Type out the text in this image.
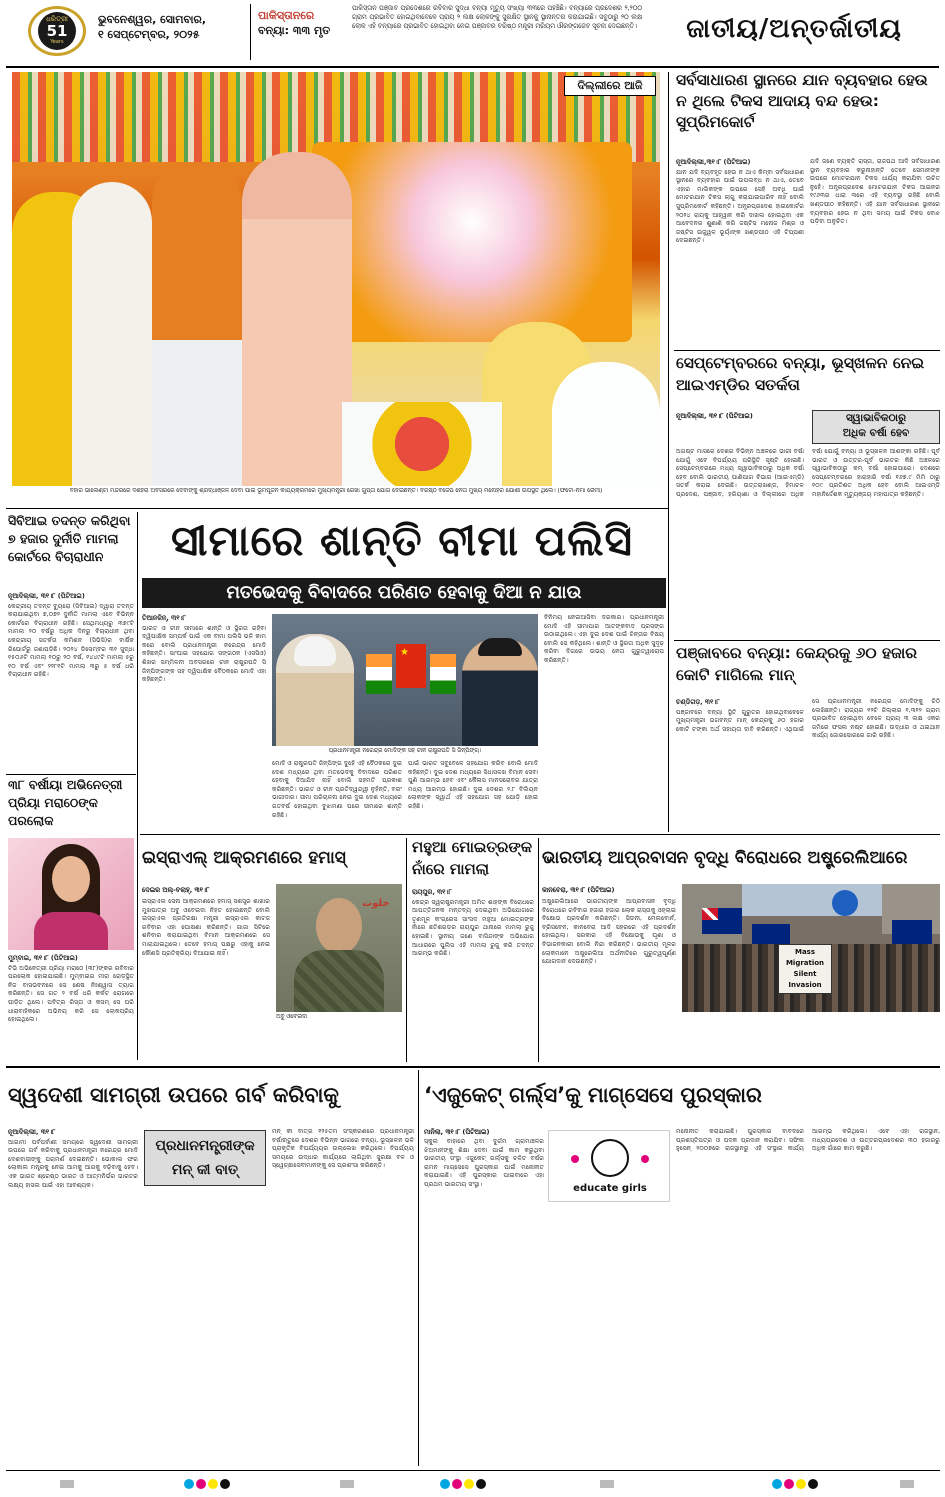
ଧରିତ୍ରୀ
51
Years
ଭୁବନେଶ୍ୱର, ସୋମବାର,
୧ ସେପ୍ଟେମ୍ବର, ୨୦୨୫
ପାକିସ୍ତାନରେ
ବନ୍ୟା: ୩୩ ମୃତ
ପାକିସ୍ତାନ ପଞ୍ଜାବ ପ୍ରଦେଶରେ ରବିବାର ସୁଦ୍ଧା ବନ୍ୟା ମୃତ୍ୟୁ ସଂଖ୍ୟା ୩୩ରେ ପହଞ୍ଚିଛି। ବନ୍ୟାରେ ପ୍ରଦେଶର ୨,୨୦୦ ଗ୍ରାମ ପ୍ରଭାବିତ ହୋଇଥିବାବେଳେ ପ୍ରାୟ ୨ ଲକ୍ଷ ଲୋକଙ୍କୁ ସୁରକ୍ଷିତ ସ୍ଥାନକୁ ସ୍ଥାନାନ୍ତର କରାଯାଇଛି। ସବୁଠାରୁ ୨୦ ଲକ୍ଷ ଲୋକ ଏହି ବନ୍ୟାରେ ପ୍ରଭାବିତ ହୋଇଥିବା ନେଇ ପଞ୍ଜାବର ବରିଷ୍ଠ ମନ୍ତ୍ରୀ ମରିୟମ ଔରଙ୍ଗଜେବ ସୂଚନା ଦେଇଛନ୍ତି।	ଜାତୀୟ/ଅନ୍ତର୍ଜାତୀୟ
ଦିଲ୍ଲୀରେ ଆଜି
ବିହାର ଭାଲେଣ୍ଟା ମନ୍ଦିରରେ ଦଶହରା ଅବସରରେ ଦେବାଙ୍କୁ ଶ୍ରଦ୍ଧାଞ୍ଜଳି ଦେବା ପାଇଁ ଭୂମିପୂଜନ କାର୍ଯ୍ୟକ୍ରମରେ ମୁଖ୍ୟମନ୍ତ୍ରୀ ରେଖା ଗୁପ୍ତା ଯୋଗ ଦେଇଛନ୍ତି। ବରିଷ୍ଠ ବିଜେପି ନେତା ମୁଖ୍ୟ ମନୋହର ଯୋଶୀ ଉପସ୍ଥିତ ଥିଲେ। (ଫଟୋ-ନମା ରୈମୀ)
ସର୍ବସାଧାରଣ ସ୍ଥାନରେ ଯାନ ବ୍ୟବହାର ହେଉ ନ ଥିଲେ ଟିକସ ଆଦାୟ ବନ୍ଦ ହେଉ: ସୁପ୍ରିମକୋର୍ଟ
ନୂଆଦିଲ୍ଲୀ,୩୧।୮ (ପିଟିଆଇ)
ଯାନ ଯଦି ବ୍ୟବହୃତ ହେଉ ନ ଥାଏ କିମ୍ବା ସର୍ବସାଧାରଣ ସ୍ଥାନରେ ବ୍ୟବହାର ପାଇଁ ଉପଲବ୍ଧ ନ ଥାଏ, ତେବେ ଏହାର ମାଲିକଙ୍କ ଉପରେ ସେହି ଅବଧି ପାଇଁ ମୋଟରଯାନ ଟିକସ ଲାଗୁ କରାଯାଇପାରିବ ନାହିଁ ବୋଲି ସୁପ୍ରିମକୋର୍ଟ କହିଛନ୍ତି। ଅନ୍ଧ୍ରପ୍ରଦେଶ ହାଇକୋର୍ଟର ୨୦୨୪ ରାୟକୁ ଆହ୍ୱାନ କରି ଦାଖଲ ହୋଇଥିବା ଏକ ଆବେଦନର ଶୁଣାଣି କରି ଜଷ୍ଟିସ ମନୋଜ ମିଶ୍ର ଓ ଜଷ୍ଟିସ ଉଜ୍ଜ୍ୱଳ ଭୂୟାଁଙ୍କ ଖଣ୍ଡପୀଠ ଏହି ଟିପ୍ପଣୀ ଦେଇଛନ୍ତି।
ଯଦି ଜଣେ ବ୍ୟକ୍ତି ରାସ୍ତା, ରାଜପଥ ଆଦି ସର୍ବସାଧାରଣ ସ୍ଥାନ ବ୍ୟବହାର କରୁନାହାନ୍ତି ତେବେ ସେମାନଙ୍କ ଉପରେ ମୋଟରଯାନ ଟିକସ ଧାର୍ଯ୍ୟ କରାଯିବା ଉଚିତ ନୁହେଁ। ଅନ୍ଧ୍ରପ୍ରଦେଶ ମୋଟରଯାନ ଟିକସ ଆଇନର ୧୯୬୩ର ଧାରା ୩ରେ ଏହି ବ୍ୟବସ୍ଥା ରହିଛି ବୋଲି ଖଣ୍ଡପୀଠ କହିଛନ୍ତି। ଏହି ଯାନ ସର୍ବସାଧାରଣ ସ୍ଥାନରେ ବ୍ୟବହାର ହେଉ ନ ଥିବା ସମୟ ପାଇଁ ଟିକସ ବୋଝ ପଡ଼ିବା ଅନୁଚିତ।
ସେପ୍ଟେମ୍ବରରେ ବନ୍ୟା, ଭୂସ୍ଖଳନ ନେଇ ଆଇଏମ୍‌ଡିର ସତର୍କତା
ନୂଆଦିଲ୍ଲୀ, ୩୧।୮ (ପିଟିଆଇ)	ସ୍ୱାଭାବିକଠାରୁ
ଅଧିକ ବର୍ଷା ହେବ
ଅଗଷ୍ଟ ମାସରେ ଦେଶର ବିଭିନ୍ନ ଅଞ୍ଚଳରେ ଭାରୀ ବର୍ଷା ଯୋଗୁଁ ଏବେ ବିପର୍ଯ୍ୟୟ ପରିସ୍ଥିତି ସୃଷ୍ଟି ହୋଇଛି। ସେପ୍ଟେମ୍ବରରେ ମଧ୍ୟ ସ୍ୱାଭାବିକଠାରୁ ଅଧିକ ବର୍ଷା ହେବ ବୋଲି ଭାରତୀୟ ପାଣିପାଗ ବିଭାଗ (ଆଇଏମ୍‌ଡି) ସତର୍କ କରାଇ ଦେଇଛି। ଉତ୍ତରାଖଣ୍ଡ, ହିମାଚଳ ପ୍ରଦେଶ, ପଞ୍ଜାବ, ହରିୟାଣା ଓ ଦିଲ୍ଲୀରେ ଅଧିକ ବର୍ଷା ଯୋଗୁଁ ବନ୍ୟା ଓ ଭୂସ୍ଖଳନ ଆଶଙ୍କା ରହିଛି। ପୂର୍ବ ଭାରତ ଓ ଉତ୍ତର-ପୂର୍ବ ଭାରତର କିଛି ଅଞ୍ଚଳରେ ସ୍ୱାଭାବିକଠାରୁ କମ୍ ବର୍ଷା ହୋଇପାରେ। ଦେଶରେ ସେପ୍ଟେମ୍ବରରେ ହାରାହାରି ବର୍ଷା ୧୬୭.୯ ମିମି ଠାରୁ ୧୦୯ ପ୍ରତିଶତ ଅଧିକ ହେବ ବୋଲି ଆଇଏମ୍‌ଡି ମହାନିର୍ଦ୍ଦେଶକ ମୃତ୍ୟୁଞ୍ଜୟ ମହାପାତ୍ର କହିଛନ୍ତି।
ପଞ୍ଜାବରେ ବନ୍ୟା: କେନ୍ଦ୍ରକୁ ୬୦ ହଜାର କୋଟି ମାଗିଲେ ମାନ୍
ଚଣ୍ଡିଗଡ଼, ୩୧।୮
ପଞ୍ଜାବରେ ବନ୍ୟା ସ୍ଥିତି ଗୁରୁତର ହୋଇଥିବାବେଳେ ମୁଖ୍ୟମନ୍ତ୍ରୀ ଭଗବନ୍ତ ମାନ୍ କେନ୍ଦ୍ରକୁ ୬୦ ହଜାର କୋଟି ଟଙ୍କା ଅର୍ଥ ସହାୟତା ଦାବି କରିଛନ୍ତି। ଏଥିପାଇଁ ସେ ପ୍ରଧାନମନ୍ତ୍ରୀ ନରେନ୍ଦ୍ର ମୋଦିଙ୍କୁ ଚିଠି ଲେଖିଛନ୍ତି। ରାଜ୍ୟର ୧୨ଟି ଜିଲ୍ଲାର ୧,୩୧୨ ଗ୍ରାମ ପ୍ରଭାବିତ ହୋଇଥିବା ବେଳେ ପ୍ରାୟ ୩ ଲକ୍ଷ ଏକର ଜମିରେ ଫସଲ ନଷ୍ଟ ହୋଇଛି। ଉଦ୍ଧାର ଓ ଥଇଥାନ କାର୍ଯ୍ୟ ଜୋରସୋରରେ ଜାରି ରହିଛି।
ସିବିଆଇ ତଦନ୍ତ କରିଥିବା ୭ ହଜାର ଦୁର୍ନୀତି ମାମଲା କୋର୍ଟରେ ବିଚାରାଧୀନ
ନୂଆଦିଲ୍ଲୀ, ୩୧।୮ (ପିଟିଆଇ)
କେନ୍ଦ୍ରୀୟ ତଦନ୍ତ ବ୍ୟୁରୋ (ସିବିଆଇ) ଦ୍ୱାରା ତଦନ୍ତ କରାଯାଇଥିବା ୭,୦୭୨ ଦୁର୍ନୀତି ମାମଲା ଏବେ ବିଭିନ୍ନ କୋର୍ଟରେ ବିଚାରାଧୀନ ରହିଛି। ସେଥିମଧ୍ୟରୁ ୩୭୯ଟି ମାମଲା ୨୦ ବର୍ଷରୁ ଅଧିକ ଦିନରୁ ବିଚାରାଧୀନ ଥିବା କେନ୍ଦ୍ରୀୟ ସତର୍କତା କମିଶନ (ସିଭିସି)ର ବାର୍ଷିକ ରିପୋର୍ଟରୁ ଜଣାପଡ଼ିଛି। ୨୦୨୪ ଡିସେମ୍ବର ୩୧ ସୁଦ୍ଧା ୧୫୦୬ଟି ମାମଲା ୧୦ରୁ ୨୦ ବର୍ଷ, ୧୪୪୯ଟି ମାମଲା ୫ରୁ ୧୦ ବର୍ଷ ଏବଂ ୨୨୮୧ଟି ମାମଲା ୩ରୁ ୫ ବର୍ଷ ଧରି ବିଚାରାଧୀନ ରହିଛି।
୩୮ ବର୍ଷୀୟା ଅଭିନେତ୍ରୀ ପ୍ରିୟା ମରାଠେଙ୍କ ପରଲୋକ
ମୁମ୍ବାଇ, ୩୧।୮ (ପିଟିଆଇ)
ଟିଭି ଅଭିନେତ୍ରୀ ପ୍ରିୟା ମରାଠେ (୩୮)ଙ୍କର ରବିବାର ପରଲୋକ ହୋଇଯାଇଛି। ମୁମ୍ବାଇର ମୀରା ରୋଡ଼ସ୍ଥିତ ନିଜ ବାସଭବନରେ ସେ ଶେଷ ନିଃଶ୍ୱାସ ତ୍ୟାଗ କରିଛନ୍ତି। ସେ ଗତ ୨ ବର୍ଷ ଧରି କର୍କଟ ରୋଗରେ ପୀଡ଼ିତ ଥିଲେ। ପବିତ୍ର ରିସ୍ତା ଓ କସମ୍ ସେ ପରି ଧାରାବାହିକରେ ଅଭିନୟ କରି ସେ ଲୋକପ୍ରିୟ ହୋଇଥିଲେ।
ସୀମାରେ ଶାନ୍ତି ବୀମା ପଲିସି
ମତଭେଦକୁ ବିବାଦରେ ପରିଣତ ହେବାକୁ ଦିଆ ନ ଯାଉ
ତିଆନଜିନ୍, ୩୧।୮
ଭାରତ ଓ ଚୀନ ସୀମାରେ ଶାନ୍ତି ଓ ସ୍ଥିରତା ରହିବା ଦ୍ୱିପାକ୍ଷିକ ସମ୍ପର୍କ ପାଇଁ ଏକ ବୀମା ପଲିସି ଭଳି କାମ କରେ ବୋଲି ପ୍ରଧାନମନ୍ତ୍ରୀ ନରେନ୍ଦ୍ର ମୋଦି କହିଛନ୍ତି। ସାଂଘାଇ ସହଯୋଗ ସଙ୍ଗଠନ (ଏସସିଓ) ଶିଖର ସମ୍ମିଳନୀ ଅବସରରେ ଚୀନ ରାଷ୍ଟ୍ରପତି ସି ଜିନ୍‌ପିଙ୍ଗଙ୍କ ସହ ଦ୍ୱିପାକ୍ଷିକ ବୈଠକରେ ମୋଦି ଏହା କହିଛନ୍ତି।
★
ପ୍ରଧାନମନ୍ତ୍ରୀ ନରେନ୍ଦ୍ର ମୋଦିଙ୍କ ସହ ଚୀନ ରାଷ୍ଟ୍ରପତି ସି ଜିନ୍‌ପିଙ୍ଗ୍।
ମୋଦି ଓ ରାଷ୍ଟ୍ରପତି ଜିନ୍‌ପିଙ୍ଗ ଦୁହେଁ ଏହି ବୈଠକରେ ଦୁଇ ଦେଶ ମଧ୍ୟରେ ଥିବା ମତଭେଦକୁ ବିବାଦରେ ପରିଣତ ହେବାକୁ ଦିଆଯିବ ନାହିଁ ବୋଲି ସହମତି ପ୍ରକାଶ କରିଛନ୍ତି। ଭାରତ ଓ ଚୀନ ପ୍ରତିଦ୍ୱନ୍ଦ୍ୱୀ ନୁହଁନ୍ତି, ବରଂ ଭାଗୀଦାର। ସୀମା ପରିଚାଳନା ନେଇ ଦୁଇ ଦେଶ ମଧ୍ୟରେ ଗତବର୍ଷ ହୋଇଥିବା ବୁଝାମଣା ପରେ ସୀମାରେ ଶାନ୍ତି ରହିଛି।
ପାଇଁ ଭାରତ ସବୁବେଳେ ସହଯୋଗ କରିବ ବୋଲି ମୋଦି କହିଛନ୍ତି। ଦୁଇ ଦେଶ ମଧ୍ୟରେ ସିଧାସଳଖ ବିମାନ ସେବା ପୁଣି ଆରମ୍ଭ ହେବ ଏବଂ କୈଳାସ ମାନସରୋବର ଯାତ୍ରା ମଧ୍ୟ ଆରମ୍ଭ ହୋଇଛି। ଦୁଇ ଦେଶର ୨.୮ ବିଲିୟନ ଲୋକଙ୍କ ସ୍ୱାର୍ଥ ଏହି ସହଯୋଗ ସହ ଯୋଡ଼ି ହୋଇ ରହିଛି।
ବିନିମୟ ନେଇଆସିବା ଦରକାର। ପ୍ରଧାନମନ୍ତ୍ରୀ ମୋଦି ଏହି ସୀମାପାର ଆତଙ୍କବାଦ ପ୍ରସଙ୍ଗ ଉଠାଇଥିଲେ। ଏହା ଦୁଇ ଦେଶ ପାଇଁ ଚିନ୍ତାର ବିଷୟ ବୋଲି ସେ କହିଥିଲେ। ଶାନ୍ତି ଓ ସ୍ଥିରତା ଅଧିକ ସୁଦୃଢ଼ କରିବା ଦିଗରେ ଉଭୟ ନେତା ଗୁରୁତ୍ୱାରୋପ କରିଛନ୍ତି।
ଇସ୍ରାଏଲ୍ ଆକ୍ରମଣରେ ହମାସ୍
ଦେଇର ଅଲ୍-ବଲାହ୍, ୩୧।୮
خلوت
ଅବୁ ଓବେଇଦା
ଇସ୍ରାଏଲ ସେନା ଆକ୍ରମଣରେ ହମାସ୍ ସଶସ୍ତ୍ର ଶାଖାର ମୁଖପାତ୍ର ଅବୁ ଓବେଇଦା ନିହତ ହୋଇଛନ୍ତି ବୋଲି ଇସ୍ରାଏଲ ପ୍ରତିରକ୍ଷା ମନ୍ତ୍ରୀ ଇସ୍ରାଏଲ କାଟଜ ରବିବାର ଏହା ଘୋଷଣା କରିଛନ୍ତି। ଗାଜା ସିଟିରେ ଶନିବାର କରାଯାଇଥିବା ବିମାନ ଆକ୍ରମଣରେ ସେ ମାରାଯାଇଥିଲେ। ତେବେ ହମାସ୍ ପକ୍ଷରୁ ଏହାକୁ ନେଇ କୌଣସି ପ୍ରତିକ୍ରିୟା ଦିଆଯାଇ ନାହିଁ।
ମହୁଆ ମୋଇତ୍ରଙ୍କ ନାଁରେ ମାମଲା
ରାୟପୁର, ୩୧।୮
କେନ୍ଦ୍ର ସ୍ୱରାଷ୍ଟ୍ରମନ୍ତ୍ରୀ ଅମିତ ଶାହଙ୍କ ବିରୋଧରେ ଆପତ୍ତିଜନକ ମନ୍ତବ୍ୟ ଦେଇଥିବା ଅଭିଯୋଗରେ ତୃଣମୂଳ କଂଗ୍ରେସ ସାଂସଦ ମହୁଆ ମୋଇତ୍ରଙ୍କ ନାଁରେ ଛତିଶଗଡ଼ର ରାୟପୁର ଥାନାରେ ମାମଲା ରୁଜୁ ହୋଇଛି। ସ୍ଥାନୀୟ ଜଣେ ବାସିନ୍ଦାଙ୍କ ଅଭିଯୋଗ ଆଧାରରେ ପୁଲିସ ଏହି ମାମଲା ରୁଜୁ କରି ତଦନ୍ତ ଆରମ୍ଭ କରିଛି।
ଭାରତୀୟ ଆପ୍ରବାସନ ବୃଦ୍ଧି ବିରୋଧରେ ଅଷ୍ଟ୍ରେଲିଆରେ
କାନବେରା, ୩୧।୮ (ପିଟିଆଇ)
ଅଷ୍ଟ୍ରେଲିଆରେ ଭାରତୀୟଙ୍କ ଆପ୍ରବାସନ ବୃଦ୍ଧି ବିରୋଧରେ ରବିବାର ହଜାର ହଜାର ଲୋକ ରାସ୍ତାକୁ ଓହ୍ଲାଇ ବିକ୍ଷୋଭ ପ୍ରଦର୍ଶନ କରିଛନ୍ତି। ସିଡନୀ, ମେଲବୋର୍ନ, ବ୍ରିସବେନ, କାନବେରା ଆଦି ସହରରେ ଏହି ପ୍ରଦର୍ଶନ ହୋଇଥିଲା। ସରକାର ଏହି ବିକ୍ଷୋଭକୁ ଘୃଣା ଓ ବିଭାଜନକାରୀ ବୋଲି ନିନ୍ଦା କରିଛନ୍ତି। ଭାରତୀୟ ମୂଳର ଲୋକମାନେ ଅଷ୍ଟ୍ରେଲିଆ ଅର୍ଥନୀତିରେ ଗୁରୁତ୍ୱପୂର୍ଣ୍ଣ ଯୋଗଦାନ ଦେଉଛନ୍ତି।
Mass
Migration
Silent
Invasion
ସ୍ୱଦେଶୀ ସାମଗ୍ରୀ ଉପରେ ଗର୍ବ କରିବାକୁ
ନୂଆଦିଲ୍ଲୀ, ୩୧।୮
ଆଗାମୀ ପର୍ବପର୍ବାଣୀ ସମୟରେ ସ୍ୱଦେଶୀ ସାମଗ୍ରୀ ଉପରେ ଗର୍ବ କରିବାକୁ ପ୍ରଧାନମନ୍ତ୍ରୀ ନରେନ୍ଦ୍ର ମୋଦି ଦେଶବାସୀଙ୍କୁ ପରାମର୍ଶ ଦେଇଛନ୍ତି। ଭୋକାଲ ଫର ଲୋକାଲ ମନ୍ତ୍ରକୁ ନେଇ ଆମକୁ ଆଗକୁ ବଢ଼ିବାକୁ ହେବ। ଏକ ଭାରତ ଶ୍ରେଷ୍ଠ ଭାରତ ଓ ଆତ୍ମନିର୍ଭର ଭାରତର ଲକ୍ଷ୍ୟ ହାସଲ ପାଇଁ ଏହା ଆବଶ୍ୟକ।
ପ୍ରଧାନମନ୍ତ୍ରୀଙ୍କ
ମନ୍ କୀ ବାତ୍
ମନ୍ କୀ ବାତ୍‌ର ୧୨୫ତମ ସଂସ୍କରଣରେ ପ୍ରଧାନମନ୍ତ୍ରୀ ବର୍ଷାଋତୁରେ ଦେଶର ବିଭିନ୍ନ ଭାଗରେ ବନ୍ୟା, ଭୂସ୍ଖଳନ ଭଳି ପ୍ରାକୃତିକ ବିପର୍ଯ୍ୟୟର ଉଲ୍ଲେଖ କରିଥିଲେ। ବିପର୍ଯ୍ୟୟ ସମୟରେ ଉଦ୍ଧାର କାର୍ଯ୍ୟରେ ଲାଗିଥିବା ସୁରକ୍ଷା ବଳ ଓ ସ୍ୱେଚ୍ଛାସେବୀମାନଙ୍କୁ ସେ ପ୍ରଶଂସା କରିଛନ୍ତି।
‘ଏଜୁକେଟ୍ ଗର୍ଲ୍ସ’କୁ ମାଗ୍ସେସେ ପୁରସ୍କାର
ମାନିଲା, ୩୧।୮ (ପିଟିଆଇ)
educate girls
ସ୍କୁଲ ବାହାରେ ଥିବା ଦୁର୍ଗମ ଗ୍ରାମାଞ୍ଚଳର ଝିଅମାନଙ୍କୁ ଶିକ୍ଷା ଦେବା ପାଇଁ କାମ କରୁଥିବା ଭାରତୀୟ ସଂସ୍ଥା ଏଜୁକେଟ୍ ଗର୍ଲ୍ସକୁ ଚଳିତ ବର୍ଷର ରାମନ ମାଗ୍ସେସେ ପୁରସ୍କାର ପାଇଁ ମନୋନୀତ କରାଯାଇଛି। ଏହି ପୁରସ୍କାର ପାଇବାରେ ଏହା ପ୍ରଥମ ଭାରତୀୟ ସଂସ୍ଥା।
ମନୋନୀତ କରାଯାଇଛି। ପୁରସ୍କାର ବାବଦରେ ପ୍ରଶସ୍ତିପତ୍ର ଓ ପଦକ ପ୍ରଦାନ କରାଯିବ। ସଫିନା ହୁସେନ୍ ୨୦୦୭ରେ ରାଜସ୍ଥାନରୁ ଏହି ସଂସ୍ଥାର କାର୍ଯ୍ୟ ଆରମ୍ଭ କରିଥିଲେ। ଏବେ ଏହା ରାଜସ୍ଥାନ, ମଧ୍ୟପ୍ରଦେଶ ଓ ଉତ୍ତରପ୍ରଦେଶର ୩୦ ହଜାରରୁ ଅଧିକ ଗାଁରେ କାମ କରୁଛି।
